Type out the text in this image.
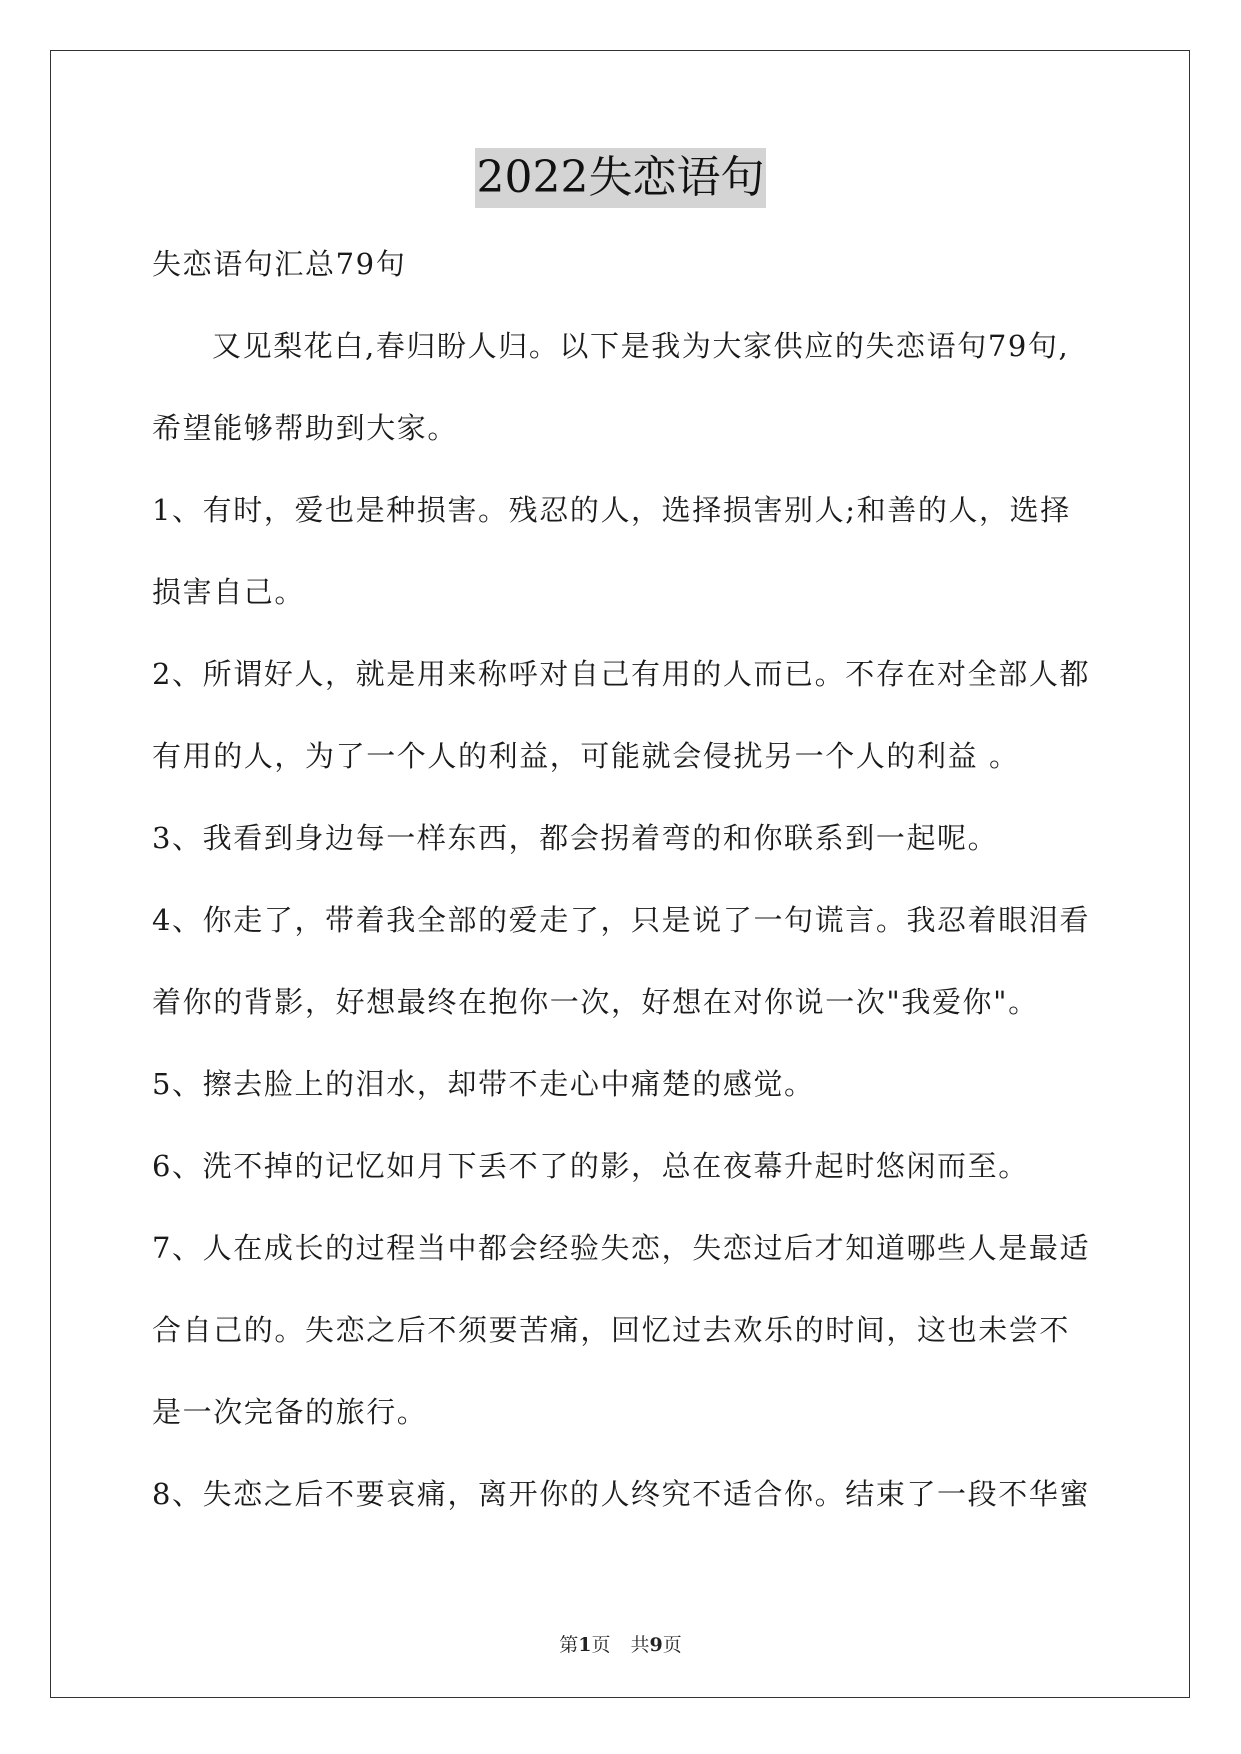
2022失恋语句
失恋语句汇总79句
又见梨花白,春归盼人归。以下是我为大家供应的失恋语句79句,
希望能够帮助到大家。
1、有时，爱也是种损害。残忍的人，选择损害别人;和善的人，选择
损害自己。
2、所谓好人，就是用来称呼对自己有用的人而已。不存在对全部人都
有用的人，为了一个人的利益，可能就会侵扰另一个人的利益 。
3、我看到身边每一样东西，都会拐着弯的和你联系到一起呢。
4、你走了，带着我全部的爱走了，只是说了一句谎言。我忍着眼泪看
着你的背影，好想最终在抱你一次，好想在对你说一次"我爱你"。
5、擦去脸上的泪水，却带不走心中痛楚的感觉。
6、洗不掉的记忆如月下丢不了的影，总在夜幕升起时悠闲而至。
7、人在成长的过程当中都会经验失恋，失恋过后才知道哪些人是最适
合自己的。失恋之后不须要苦痛，回忆过去欢乐的时间，这也未尝不
是一次完备的旅行。
8、失恋之后不要哀痛，离开你的人终究不适合你。结束了一段不华蜜
第1页 共9页
